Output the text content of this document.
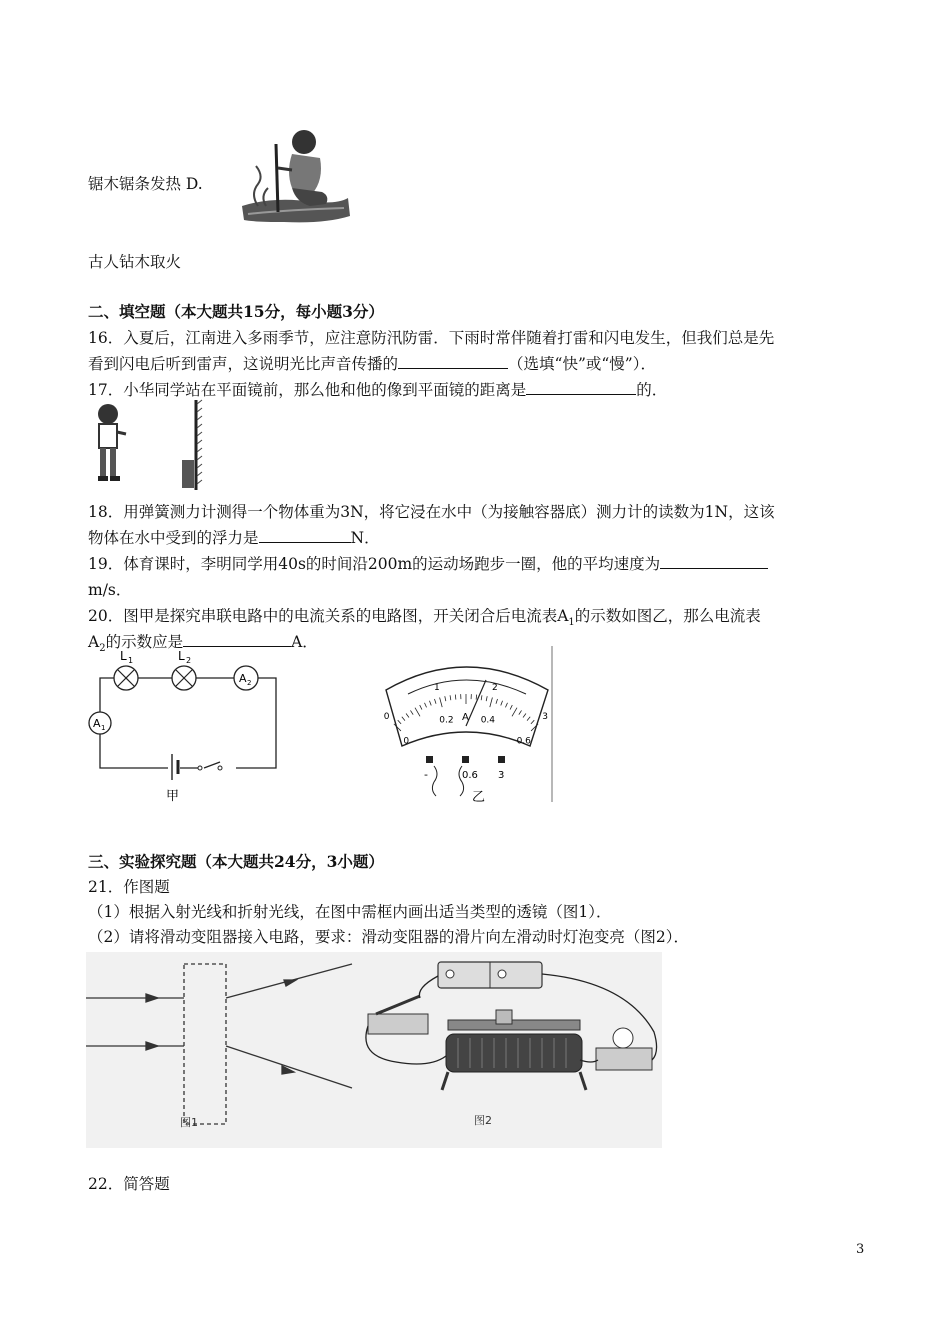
锯木锯条发热 D.
古人钻木取火
二、填空题（本大题共15分，每小题3分）
16．入夏后，江南进入多雨季节，应注意防汛防雷．下雨时常伴随着打雷和闪电发生，但我们总是先
看到闪电后听到雷声，这说明光比声音传播的	（选填“快”或“慢”）．
17．小华同学站在平面镜前，那么他和他的像到平面镜的距离是	的．
18．用弹簧测力计测得一个物体重为3N，将它浸在水中（为接触容器底）测力计的读数为1N，这该
物体在水中受到的浮力是	N．
19．体育课时，李明同学用40s的时间沿200m的运动场跑步一圈，他的平均速度为
m/s．
20．图甲是探究串联电路中的电流关系的电路图，开关闭合后电流表$A_1$的示数如图乙，那么电流表
$A_2$的示数应是	A．
L 1	L 2
A 2
A 1
甲
0
1	2
3
0
0.2	0.4
0.6
A
-	0.6 3
乙
三、实验探究题（本大题共24分，3小题）
21．作图题
（1）根据入射光线和折射光线，在图中需框内画出适当类型的透镜（图1）．
（2）请将滑动变阻器接入电路，要求：滑动变阻器的滑片向左滑动时灯泡变亮（图2）．
图1	图2
22．简答题
3
